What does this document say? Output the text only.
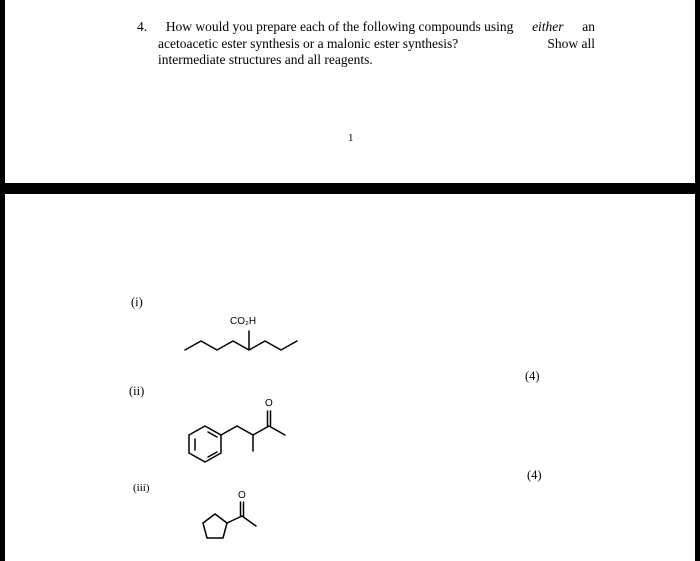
4. How would you prepare each of the following compounds using either an
acetoacetic ester synthesis or a malonic ester synthesis?	Show all
intermediate structures and all reagents.
1
(i)
CO₂H
(4)
(ii)
O
(4)
(iii)
O
